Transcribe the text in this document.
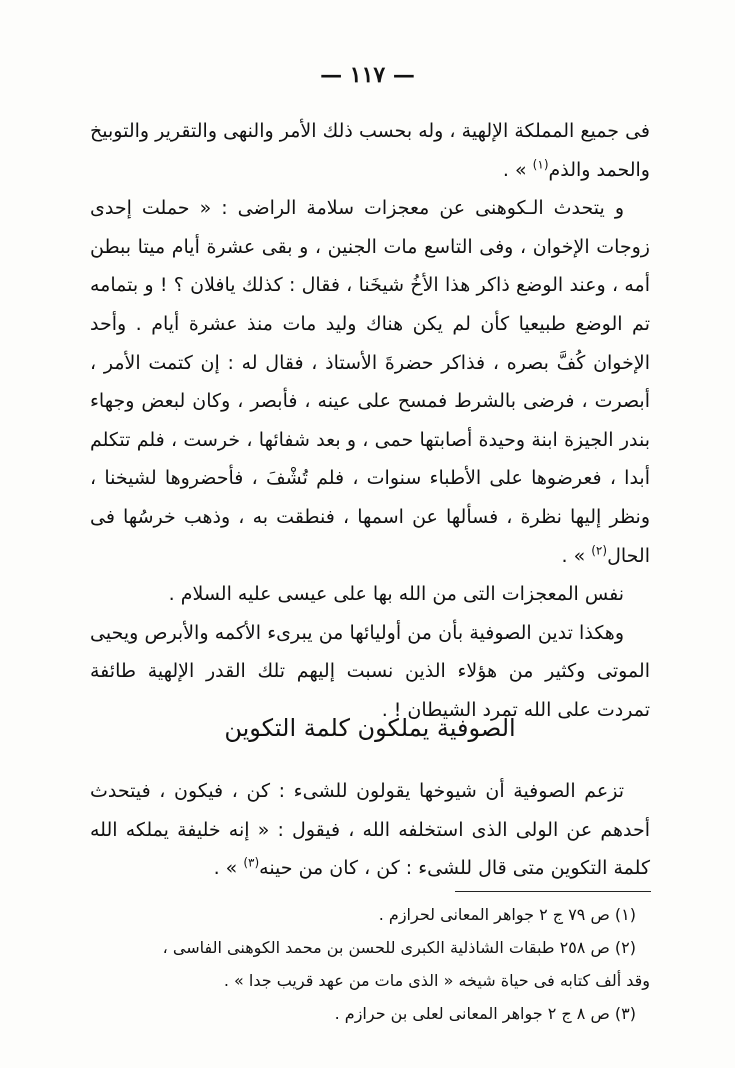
— ١١٧ —

فى جميع المملكة الإلهية ، وله بحسب ذلك الأمر والنهى والتقرير والتوبيخ والحمد والذم$^{(١)}$ » .

و يتحدث الـكوهنى عن معجزات سلامة الراضى : « حملت إحدى زوجات الإخوان ، وفى التاسع مات الجنين ، و بقى عشرة أيام ميتا ببطن أمه ، وعند الوضع ذاكر هذا الأخُ شيخَنا ، فقال : كذلك يافلان ؟ ! و بتمامه تم الوضع طبيعيا كأن لم يكن هناك وليد مات منذ عشرة أيام . وأحد الإخوان كُفَّ بصره ، فذاكر حضرةَ الأستاذ ، فقال له : إن كتمت الأمر ، أبصرت ، فرضى بالشرط فمسح على عينه ، فأبصر ، وكان لبعض وجهاء بندر الجيزة ابنة وحيدة أصابتها حمى ، و بعد شفائها ، خرست ، فلم تتكلم أبدا ، فعرضوها على الأطباء سنوات ، فلم تُشْفَ ، فأحضروها لشيخنا ، ونظر إليها نظرة ، فسألها عن اسمها ، فنطقت به ، وذهب خرسُها فى الحال$^{(٢)}$ » .

نفس المعجزات التى من الله بها على عيسى عليه السلام .

وهكذا تدين الصوفية بأن من أوليائها من يبرىء الأكمه والأبرص ويحيى الموتى وكثير من هؤلاء الذين نسبت إليهم تلك القدر الإلهية طائفة تمردت على الله تمرد الشيطان ! .

الصوفية يملكون كلمة التكوين

تزعم الصوفية أن شيوخها يقولون للشىء : كن ، فيكون ، فيتحدث أحدهم عن الولى الذى استخلفه الله ، فيقول : « إنه خليفة يملكه الله كلمة التكوين متى قال للشىء : كن ، كان من حينه$^{(٣)}$ » .

(١) ص ٧٩ ج ٢ جواهر المعانى لحرازم .

(٢) ص ٢٥٨ طبقات الشاذلية الكبرى للحسن بن محمد الكوهنى الفاسى ،

وقد ألف كتابه فى حياة شيخه « الذى مات من عهد قريب جدا » .

(٣) ص ٨ ج ٢ جواهر المعانى لعلى بن حرازم .
